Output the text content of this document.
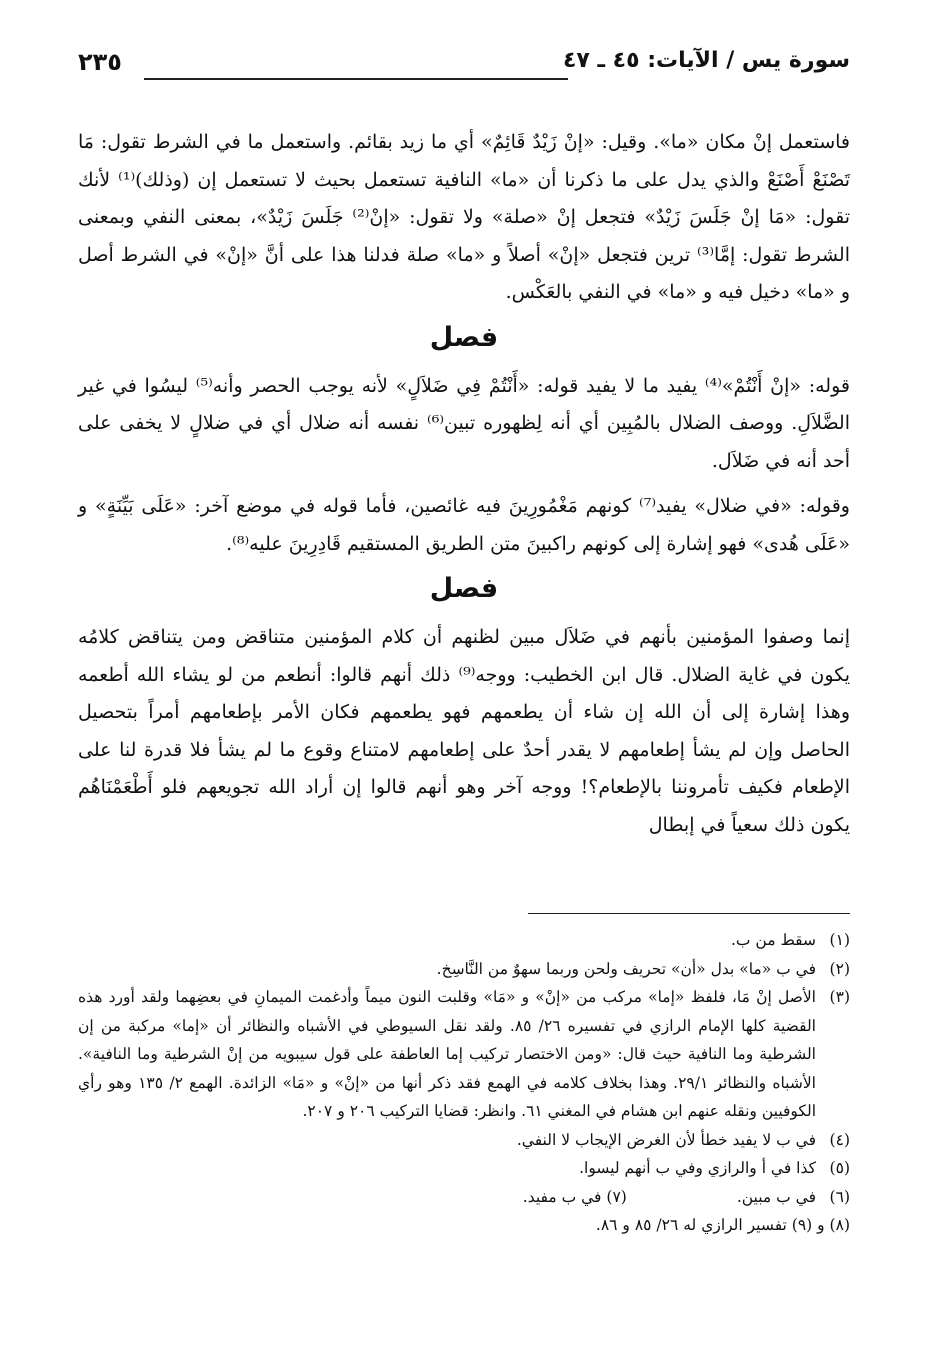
سورة يس / الآيات: ٤٥ ـ ٤٧
٢٣٥

فاستعمل إنْ مكان «ما». وقيل: «إنْ زَيْدٌ قَائِمٌ» أي ما زيد بقائم. واستعمل ما في الشرط تقول: مَا تَصْنَعْ أَصْنَعْ والذي يدل على ما ذكرنا أن «ما» النافية تستعمل بحيث لا تستعمل إن (وذلك)⁽¹⁾ لأنك تقول: «مَا إنْ جَلَسَ زَيْدٌ» فتجعل إنْ «صلة» ولا تقول: «إنْ⁽²⁾ جَلَسَ زَيْدٌ»، بمعنى النفي وبمعنى الشرط تقول: إمَّا⁽³⁾ ترين فتجعل «إنْ» أصلاً و «ما» صلة فدلنا هذا على أنَّ «إنْ» في الشرط أصل و «ما» دخيل فيه و «ما» في النفي بالعَكْس.

فصل

قوله: «إنْ أَنْتُمْ»⁽⁴⁾ يفيد ما لا يفيد قوله: «أَنْتُمْ فِي ضَلاَلٍ» لأنه يوجب الحصر وأنه⁽⁵⁾ ليسُوا في غير الضَّلاَلِ. ووصف الضلال بالمُبِين أي أنه لِظهوره تبين⁽⁶⁾ نفسه أنه ضلال أي في ضلالٍ لا يخفى على أحد أنه في ضَلاَل.

وقوله: «في ضلال» يفيد⁽⁷⁾ كونهم مَغْمُورِينَ فيه غائصين، فأما قوله في موضع آخر: «عَلَى بَيِّنَةٍ» و «عَلَى هُدى» فهو إشارة إلى كونهم راكبينَ متن الطريق المستقيم قَادِرِينَ عليه⁽⁸⁾.

فصل

إنما وصفوا المؤمنين بأنهم في ضَلاَل مبين لظنهم أن كلام المؤمنين متناقض ومن يتناقض كلامُه يكون في غاية الضلال. قال ابن الخطيب: ووجه⁽⁹⁾ ذلك أنهم قالوا: أنطعم من لو يشاء الله أطعمه وهذا إشارة إلى أن الله إن شاء أن يطعمهم فهو يطعمهم فكان الأمر بإطعامهم أمراً بتحصيل الحاصل وإن لم يشأ إطعامهم لا يقدر أحدٌ على إطعامهم لامتناع وقوع ما لم يشأ فلا قدرة لنا على الإطعام فكيف تأمروننا بالإطعام؟! ووجه آخر وهو أنهم قالوا إن أراد الله تجويعهم فلو أَطْعَمْنَاهُم يكون ذلك سعياً في إبطال

(١)
سقط من ب.

(٢)
في ب «ما» بدل «أن» تحريف ولحن وربما سهوٌ من النَّاسِخ.

(٣)
الأصل إنْ مَا، فلفظ «إما» مركب من «إنْ» و «مَا» وقلبت النون ميماً وأدغمت الميمانِ في بعضِهما ولقد أورد هذه القضية كلها الإمام الرازي في تفسيره ٢٦/ ٨٥. ولقد نقل السيوطي في الأشباه والنظائر أن «إما» مركبة من إن الشرطية وما النافية حيث قال: «ومن الاختصار تركيب إما العاطفة على قول سيبويه من إنْ الشرطية وما النافية». الأشباه والنظائر ٢٩/١. وهذا بخلاف كلامه في الهمع فقد ذكر أنها من «إنْ» و «مَا» الزائدة. الهمع ٢/ ١٣٥ وهو رأي الكوفيين ونقله عنهم ابن هشام في المغني ٦١. وانظر: قضايا التركيب ٢٠٦ و ٢٠٧.

(٤)
في ب لا يفيد خطأ لأن الغرض الإيجاب لا النفي.

(٥)
كذا في أ والرازي وفي ب أنهم ليسوا.

(٦)
في ب مبين.
(٧) في ب مفيد.

(٨) و (٩) تفسير الرازي له ٢٦/ ٨٥ و ٨٦.
